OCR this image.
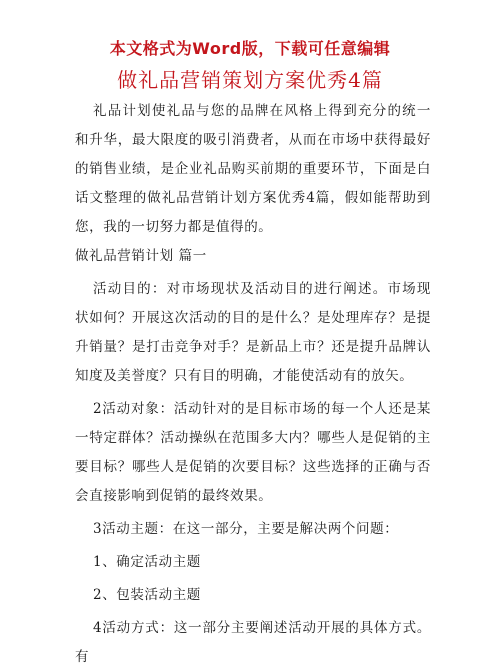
本文格式为Word版，下载可任意编辑
做礼品营销策划方案优秀4篇

礼品计划使礼品与您的品牌在风格上得到充分的统一和升华，最大限度的吸引消费者，从而在市场中获得最好的销售业绩，是企业礼品购买前期的重要环节，下面是白话文整理的做礼品营销计划方案优秀4篇，假如能帮助到您，我的一切努力都是值得的。

做礼品营销计划 篇一

活动目的：对市场现状及活动目的进行阐述。市场现状如何？开展这次活动的目的是什么？是处理库存？是提升销量？是打击竞争对手？是新品上市？还是提升品牌认知度及美誉度？只有目的明确，才能使活动有的放矢。

2活动对象：活动针对的是目标市场的每一个人还是某一特定群体？活动操纵在范围多大内？哪些人是促销的主要目标？哪些人是促销的次要目标？这些选择的正确与否会直接影响到促销的最终效果。

3活动主题：在这一部分，主要是解决两个问题：

1、确定活动主题

2、包装活动主题

4活动方式：这一部分主要阐述活动开展的具体方式。有
